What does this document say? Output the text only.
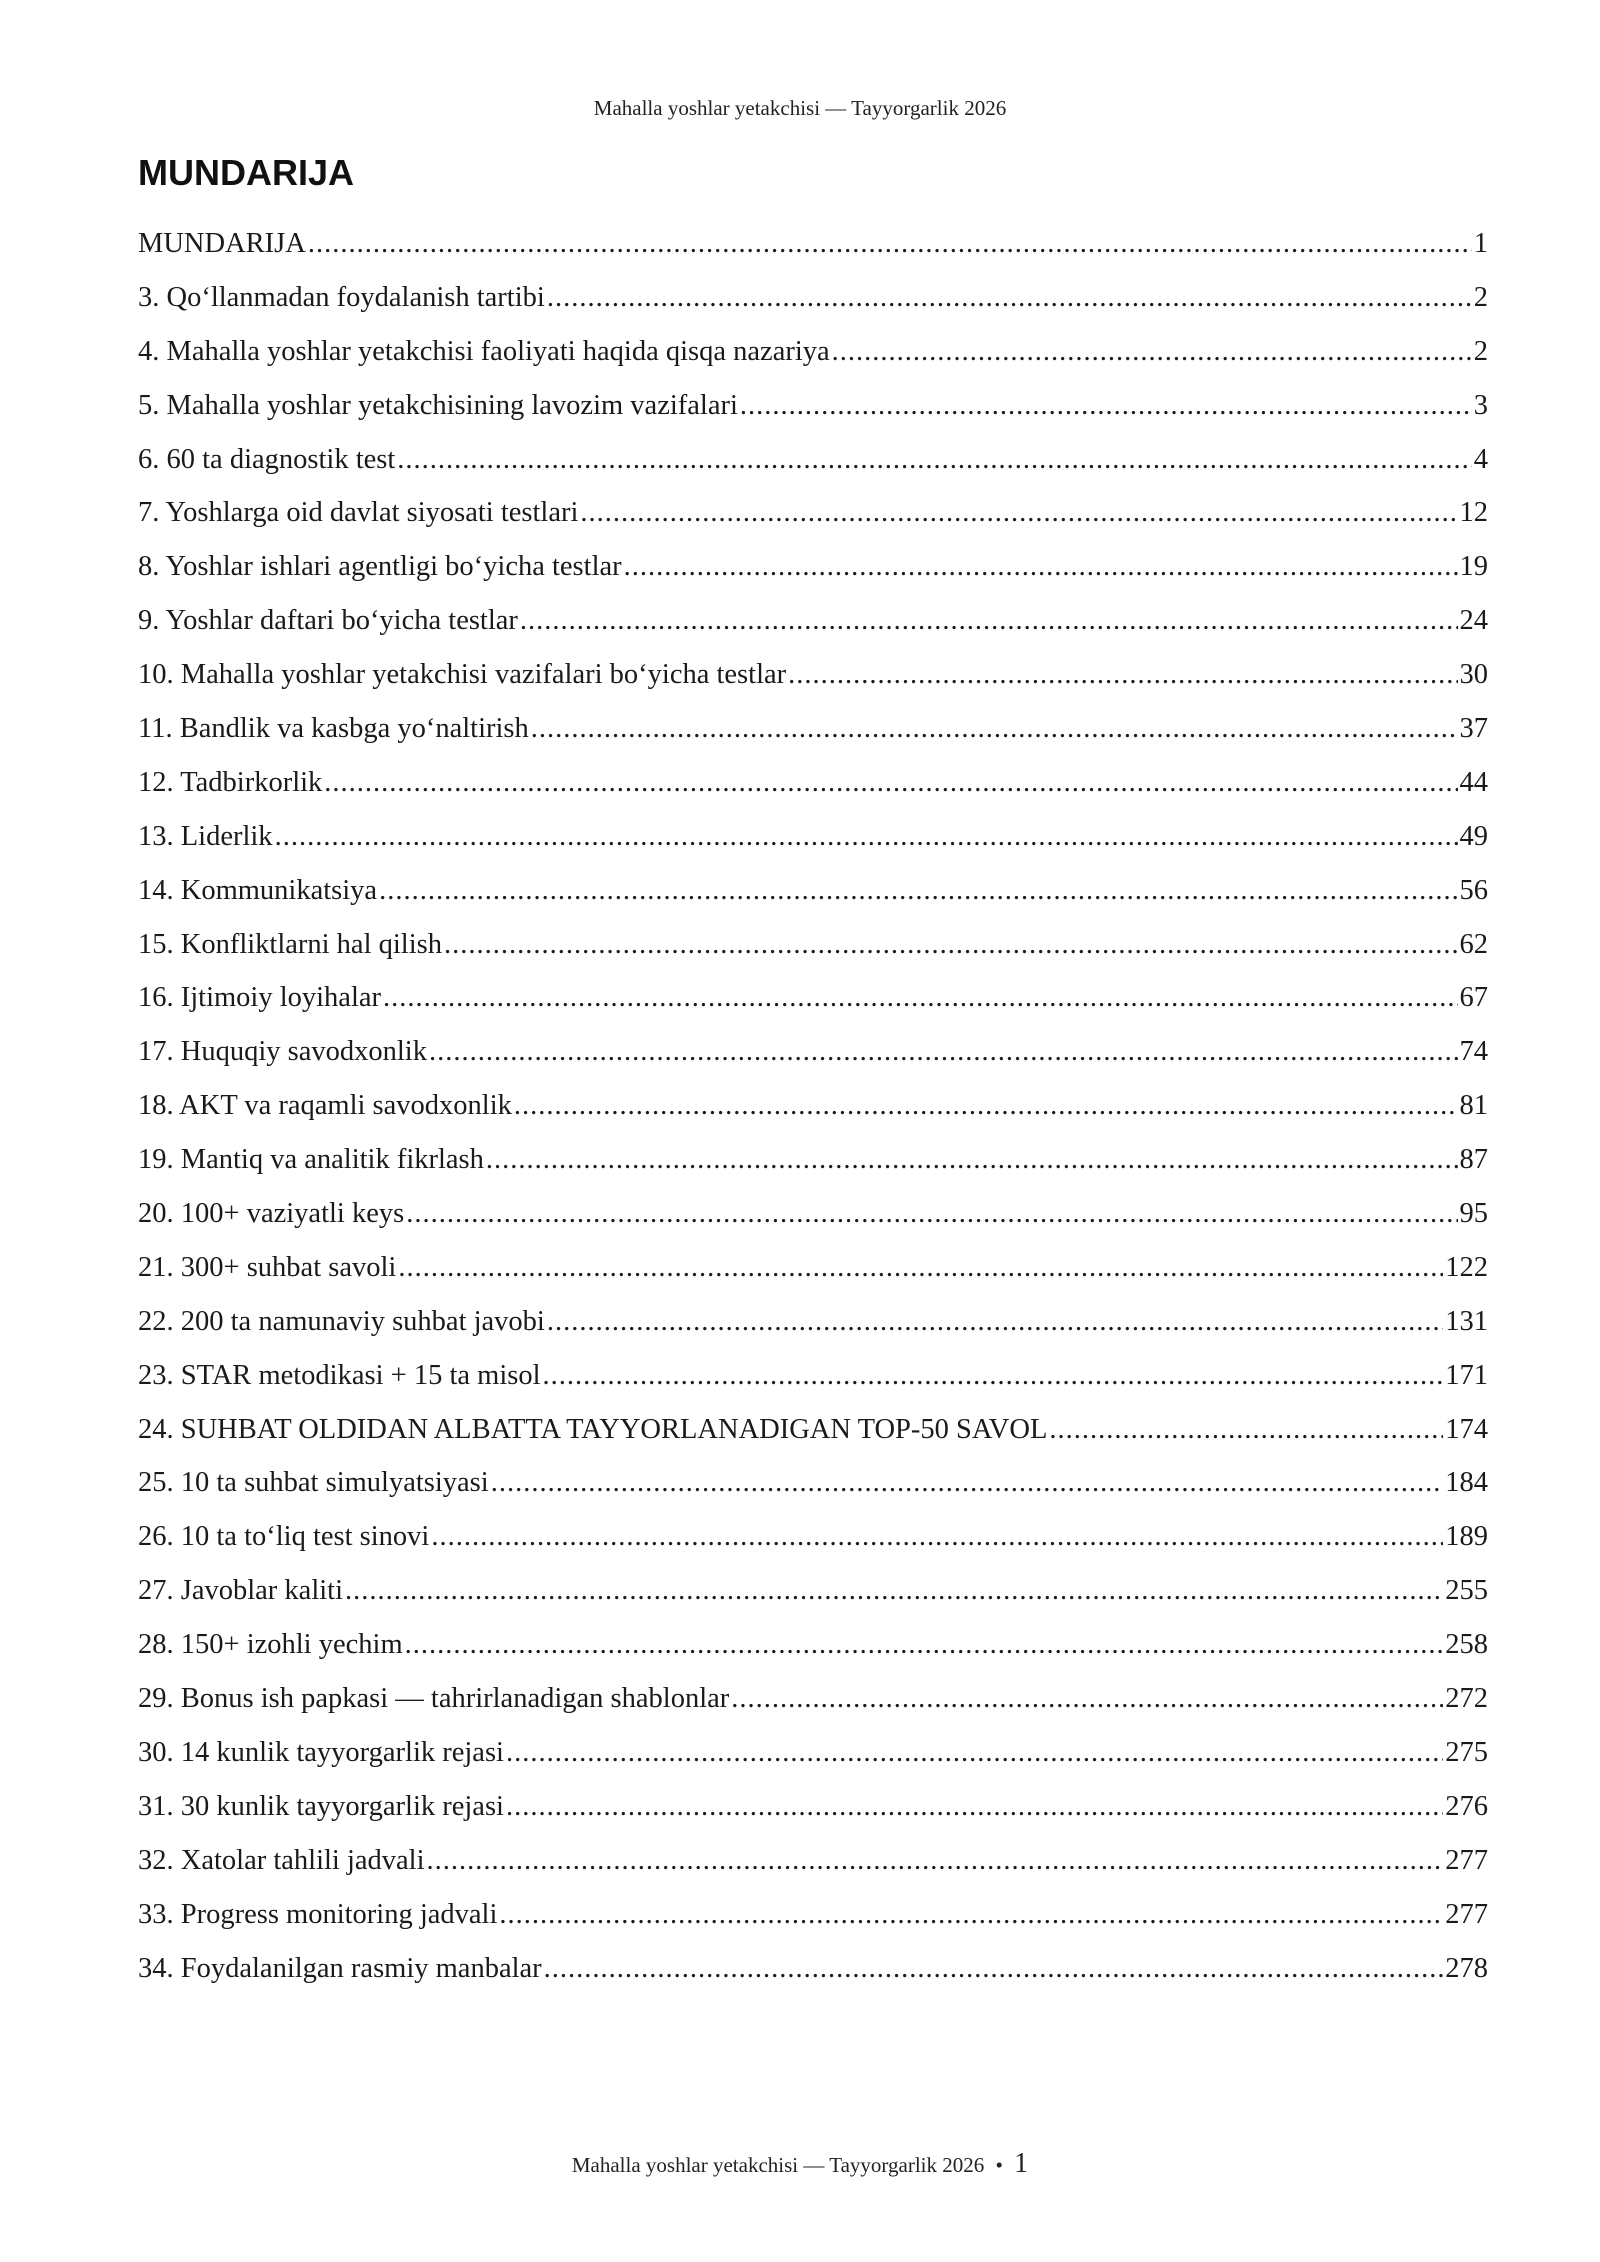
Mahalla yoshlar yetakchisi — Tayyorgarlik 2026
MUNDARIJA
MUNDARIJA .....	1
3. Qo‘llanmadan foydalanish tartibi .....	2
4. Mahalla yoshlar yetakchisi faoliyati haqida qisqa nazariya .....	2
5. Mahalla yoshlar yetakchisining lavozim vazifalari .....	3
6. 60 ta diagnostik test .....	4
7. Yoshlarga oid davlat siyosati testlari .....	12
8. Yoshlar ishlari agentligi bo‘yicha testlar .....	19
9. Yoshlar daftari bo‘yicha testlar .....	24
10. Mahalla yoshlar yetakchisi vazifalari bo‘yicha testlar .....	30
11. Bandlik va kasbga yo‘naltirish .....	37
12. Tadbirkorlik .....	44
13. Liderlik .....	49
14. Kommunikatsiya .....	56
15. Konfliktlarni hal qilish .....	62
16. Ijtimoiy loyihalar .....	67
17. Huquqiy savodxonlik .....	74
18. AKT va raqamli savodxonlik .....	81
19. Mantiq va analitik fikrlash .....	87
20. 100+ vaziyatli keys .....	95
21. 300+ suhbat savoli .....	122
22. 200 ta namunaviy suhbat javobi .....	131
23. STAR metodikasi + 15 ta misol .....	171
24. SUHBAT OLDIDAN ALBATTA TAYYORLANADIGAN TOP-50 SAVOL .....	174
25. 10 ta suhbat simulyatsiyasi .....	184
26. 10 ta to‘liq test sinovi .....	189
27. Javoblar kaliti .....	255
28. 150+ izohli yechim .....	258
29. Bonus ish papkasi — tahrirlanadigan shablonlar .....	272
30. 14 kunlik tayyorgarlik rejasi .....	275
31. 30 kunlik tayyorgarlik rejasi .....	276
32. Xatolar tahlili jadvali .....	277
33. Progress monitoring jadvali .....	277
34. Foydalanilgan rasmiy manbalar .....	278
Mahalla yoshlar yetakchisi — Tayyorgarlik 2026 • 1
